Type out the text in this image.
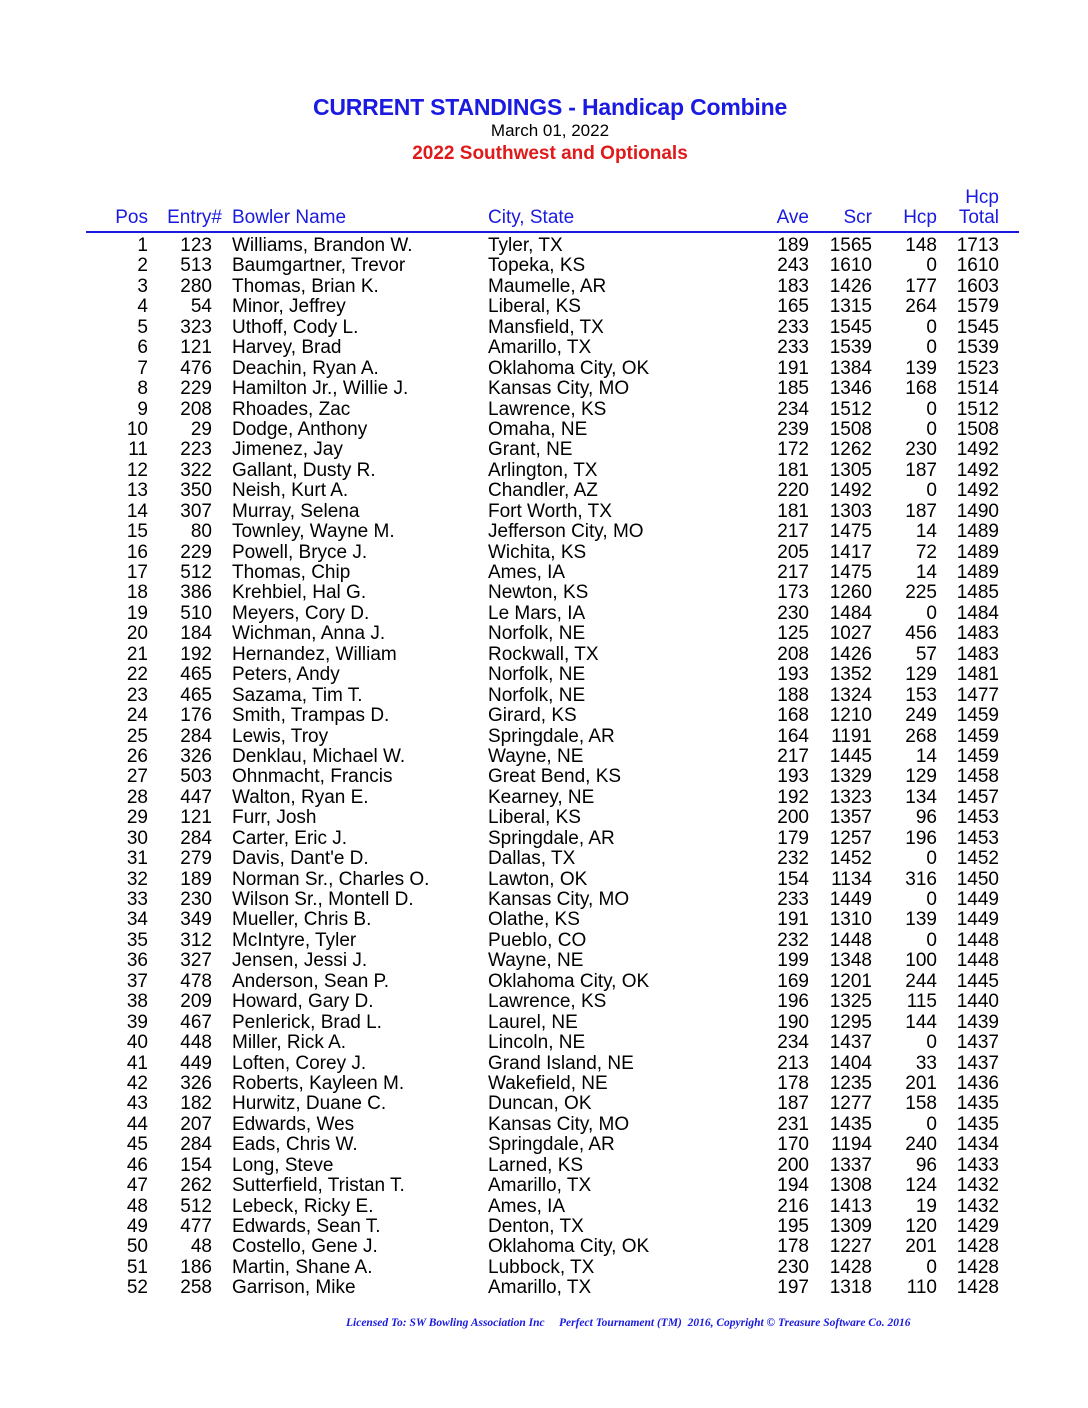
CURRENT STANDINGS - Handicap Combine
March 01, 2022
2022 Southwest and Optionals
Pos Entry# Bowler Name	City, State	Ave Scr Hcp
Hcp
Total
1 123 Williams, Brandon W.	Tyler, TX	189 1565 148 1713
2 513 Baumgartner, Trevor	Topeka, KS	243 1610	0 1610
3 280 Thomas, Brian K.	Maumelle, AR	183 1426 177 1603
4 54 Minor, Jeffrey	Liberal, KS	165 1315 264 1579
5 323 Uthoff, Cody L.	Mansfield, TX	233 1545	0 1545
6 121 Harvey, Brad	Amarillo, TX	233 1539	0 1539
7 476 Deachin, Ryan A.	Oklahoma City, OK	191 1384 139 1523
8 229 Hamilton Jr., Willie J.	Kansas City, MO	185 1346 168 1514
9 208 Rhoades, Zac	Lawrence, KS	234 1512	0 1512
10 29 Dodge, Anthony	Omaha, NE	239 1508	0 1508
11 223 Jimenez, Jay	Grant, NE	172 1262 230 1492
12 322 Gallant, Dusty R.	Arlington, TX	181 1305 187 1492
13 350 Neish, Kurt A.	Chandler, AZ	220 1492	0 1492
14 307 Murray, Selena	Fort Worth, TX	181 1303 187 1490
15 80 Townley, Wayne M.	Jefferson City, MO	217 1475 14 1489
16 229 Powell, Bryce J.	Wichita, KS	205 1417 72 1489
17 512 Thomas, Chip	Ames, IA	217 1475 14 1489
18 386 Krehbiel, Hal G.	Newton, KS	173 1260 225 1485
19 510 Meyers, Cory D.	Le Mars, IA	230 1484	0 1484
20 184 Wichman, Anna J.	Norfolk, NE	125 1027 456 1483
21 192 Hernandez, William	Rockwall, TX	208 1426 57 1483
22 465 Peters, Andy	Norfolk, NE	193 1352 129 1481
23 465 Sazama, Tim T.	Norfolk, NE	188 1324 153 1477
24 176 Smith, Trampas D.	Girard, KS	168 1210 249 1459
25 284 Lewis, Troy	Springdale, AR	164 1191 268 1459
26 326 Denklau, Michael W.	Wayne, NE	217 1445 14 1459
27 503 Ohnmacht, Francis	Great Bend, KS	193 1329 129 1458
28 447 Walton, Ryan E.	Kearney, NE	192 1323 134 1457
29 121 Furr, Josh	Liberal, KS	200 1357 96 1453
30 284 Carter, Eric J.	Springdale, AR	179 1257 196 1453
31 279 Davis, Dant'e D.	Dallas, TX	232 1452	0 1452
32 189 Norman Sr., Charles O.	Lawton, OK	154 1134 316 1450
33 230 Wilson Sr., Montell D.	Kansas City, MO	233 1449	0 1449
34 349 Mueller, Chris B.	Olathe, KS	191 1310 139 1449
35 312 McIntyre, Tyler	Pueblo, CO	232 1448	0 1448
36 327 Jensen, Jessi J.	Wayne, NE	199 1348 100 1448
37 478 Anderson, Sean P.	Oklahoma City, OK	169 1201 244 1445
38 209 Howard, Gary D.	Lawrence, KS	196 1325 115 1440
39 467 Penlerick, Brad L.	Laurel, NE	190 1295 144 1439
40 448 Miller, Rick A.	Lincoln, NE	234 1437	0 1437
41 449 Loften, Corey J.	Grand Island, NE	213 1404 33 1437
42 326 Roberts, Kayleen M.	Wakefield, NE	178 1235 201 1436
43 182 Hurwitz, Duane C.	Duncan, OK	187 1277 158 1435
44 207 Edwards, Wes	Kansas City, MO	231 1435	0 1435
45 284 Eads, Chris W.	Springdale, AR	170 1194 240 1434
46 154 Long, Steve	Larned, KS	200 1337 96 1433
47 262 Sutterfield, Tristan T.	Amarillo, TX	194 1308 124 1432
48 512 Lebeck, Ricky E.	Ames, IA	216 1413 19 1432
49 477 Edwards, Sean T.	Denton, TX	195 1309 120 1429
50 48 Costello, Gene J.	Oklahoma City, OK	178 1227 201 1428
51 186 Martin, Shane A.	Lubbock, TX	230 1428	0 1428
52 258 Garrison, Mike	Amarillo, TX	197 1318 110 1428
Licensed To: SW Bowling Association Inc Perfect Tournament (TM)  2016, Copyright © Treasure Software Co. 2016
